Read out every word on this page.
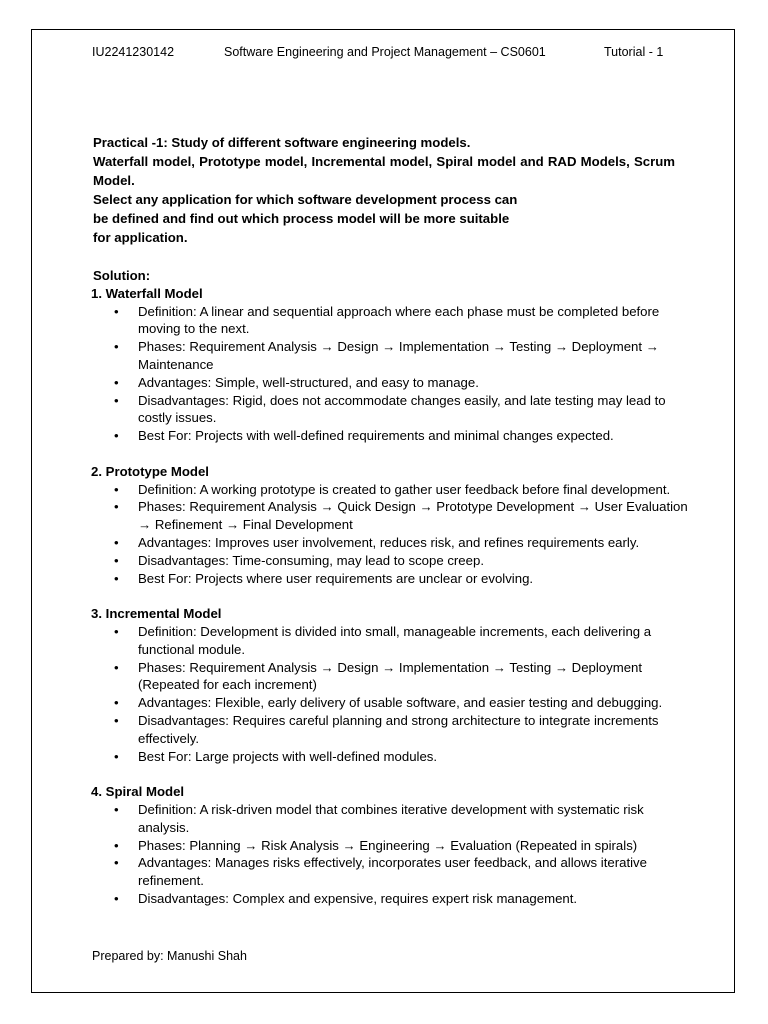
IU2241230142	Software Engineering and Project Management – CS0601	Tutorial - 1

Practical -1: Study of different software engineering models.

Waterfall model, Prototype model, Incremental model, Spiral model and RAD Models, Scrum Model.

Select any application for which software development process can

be defined and find out which process model will be more suitable

for application.

Solution:

1. Waterfall Model

• Definition: A linear and sequential approach where each phase must be completed before moving to the next.
• Phases: Requirement Analysis → Design → Implementation → Testing → Deployment → Maintenance
• Advantages: Simple, well-structured, and easy to manage.
• Disadvantages: Rigid, does not accommodate changes easily, and late testing may lead to costly issues.
• Best For: Projects with well-defined requirements and minimal changes expected.

2. Prototype Model

• Definition: A working prototype is created to gather user feedback before final development.
• Phases: Requirement Analysis → Quick Design → Prototype Development → User Evaluation → Refinement → Final Development
• Advantages: Improves user involvement, reduces risk, and refines requirements early.
• Disadvantages: Time-consuming, may lead to scope creep.
• Best For: Projects where user requirements are unclear or evolving.

3. Incremental Model

• Definition: Development is divided into small, manageable increments, each delivering a functional module.
• Phases: Requirement Analysis → Design → Implementation → Testing → Deployment (Repeated for each increment)
• Advantages: Flexible, early delivery of usable software, and easier testing and debugging.
• Disadvantages: Requires careful planning and strong architecture to integrate increments effectively.
• Best For: Large projects with well-defined modules.

4. Spiral Model

• Definition: A risk-driven model that combines iterative development with systematic risk analysis.
• Phases: Planning → Risk Analysis → Engineering → Evaluation (Repeated in spirals)
• Advantages: Manages risks effectively, incorporates user feedback, and allows iterative refinement.
• Disadvantages: Complex and expensive, requires expert risk management.
Prepared by: Manushi Shah
